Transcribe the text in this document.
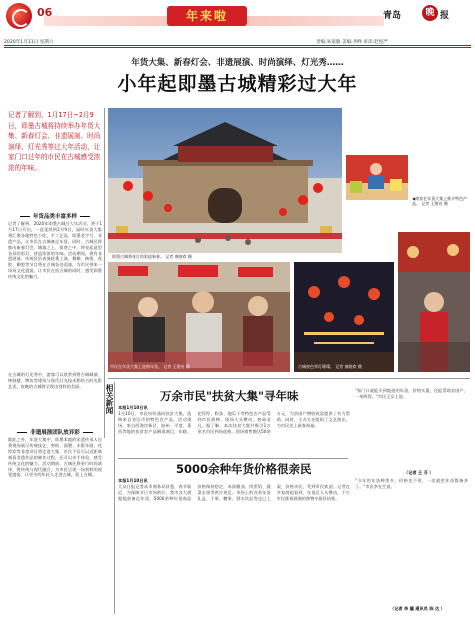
06	年来啦	青岛	晚 报
2020年1月11日 星期六	责编:朱家敏 美编:李峥 审读:赵悦严
年货大集、新春灯会、非遗展演、时尚演绎、灯光秀……
小年起即墨古城精彩过大年
记者了解到，1月17日~2月9日，即墨古城将持续举办年货大集、新春灯会、非遗展演、时尚演绎、灯光秀等过大年活动，让家门口过年的市民在古城感受浓浓的年味。
年货品类丰富多样
记者了解到，2020年即墨古城过大年活动，将于1月17日开启，一直延续到2月9日，届时年货大集将汇聚各地特色小吃、手工艺品、即墨老字号、非遗产品，让市民在古城备足年货。同时，古城还将推出新春灯会，城墙之上、街巷之中，将亮起造型各异的彩灯，营造浓浓的年味。活动期间，将有非遗展演、传统民俗表演轮番上演，舞狮、秧歌、茂腔、柳腔等节目将在古城各处巡演，为市民带来一场场文化盛宴，让市民在逛古城的同时，感受即墨传统文化的魅力。
在古城的灯光秀中，游客可以欣赏到将古城城墙、钟鼓楼、牌坊等建筑与现代灯光技术相结合的光影艺术，夜晚的古城将呈现出别样的美丽。
非遗展演团队放异彩
除此之外，年货大集中，即墨本地的非遗传承人也将现场展示传统技艺，剪纸、面塑、木版年画、花饽饽等非遗项目将走进大集，市民不仅可以近距离观看非遗作品的制作过程，还可以亲手体验，感受传统文化的魅力。活动期间，古城还将举行时尚演绎，将传统与现代融合，为市民呈现一场别样的视觉盛宴，让更多的年轻人走进古城，爱上古城。
即墨古城将张灯结彩迎新春。 记者 康晓欢 摄
◀商家在年货大集上推介特色产品。 记者 王建亮 摄
市民在年货大集上选购年货。 记者 王建亮 摄	古城夜色华灯璀璨。 记者 康晓欢 摄
相关新闻	万余市民"扶贫大集"寻年味
本报1月10日讯
1月10日，市民纷纷涌向扶贫大集，选购来自各区市的特色农产品。活动现场，来自西海岸新区、胶州、平度、莱西等地的扶贫农产品琳琅满目，年糕、花饽饽、粉条、地瓜干等特色农产品受到市民热捧，现场人头攒动，热闹非凡。据了解，本次扶贫大集共吸引1万余名市民到场选购，现场销售额达50余万元，为贫困户增收致富提供了有力帮助。同时，主办方还组织了文艺演出，为市民送上新春祝福。
"家门口就能买到地道的年货，价格实惠，还能帮助贫困户，一举两得。"市民王女士说。
（记者 王 芬 ）
5000余种年货价格很亲民
本报1月10日讯
大众日报记者从市商务局获悉，春节临近，为保障节日市场供应，我市各大商超提前备足年货，5000余种年货商品价格保持稳定，米面粮油、肉蛋奶、蔬菜水果等供应充足。市场上的各类年货礼盒、干果、糖果、酒水饮品等也已上架，价格亲民，受到市民欢迎。记者在多家商超看到，年货区人头攒动，不少市民推着满满的购物车排队结账。
"今年的年货种类多，价格也不贵，一次就把年货都备齐了。"市民李先生说。
（记者 李 骥 通讯员 陈 达 ）
